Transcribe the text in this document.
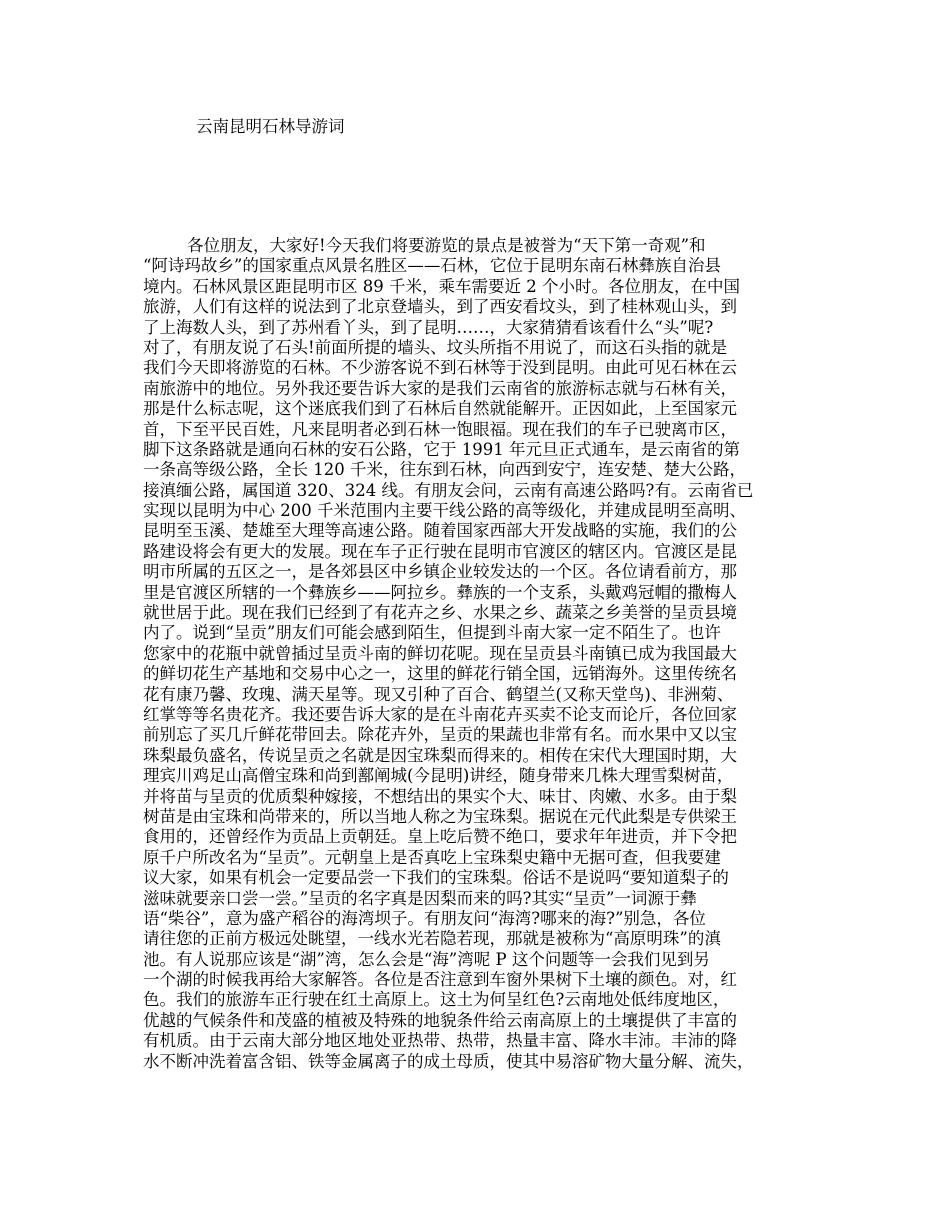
云南昆明石林导游词
各位朋友，大家好!今天我们将要游览的景点是被誉为“天下第一奇观”和
“阿诗玛故乡”的国家重点风景名胜区——石林，它位于昆明东南石林彝族自治县
境内。石林风景区距昆明市区 89 千米，乘车需要近 2 个小时。各位朋友，在中国
旅游，人们有这样的说法到了北京登墙头，到了西安看坟头，到了桂林观山头，到
了上海数人头，到了苏州看丫头，到了昆明……，大家猜猜看该看什么“头”呢?
对了，有朋友说了石头!前面所提的墙头、坟头所指不用说了，而这石头指的就是
我们今天即将游览的石林。不少游客说不到石林等于没到昆明。由此可见石林在云
南旅游中的地位。另外我还要告诉大家的是我们云南省的旅游标志就与石林有关，
那是什么标志呢，这个迷底我们到了石林后自然就能解开。正因如此，上至国家元
首，下至平民百姓，凡来昆明者必到石林一饱眼福。现在我们的车子已驶离市区，
脚下这条路就是通向石林的安石公路，它于 1991 年元旦正式通车，是云南省的第
一条高等级公路，全长 120 千米，往东到石林，向西到安宁，连安楚、楚大公路，
接滇缅公路，属国道 320、324 线。有朋友会问，云南有高速公路吗?有。云南省已
实现以昆明为中心 200 千米范围内主要干线公路的高等级化，并建成昆明至高明、
昆明至玉溪、楚雄至大理等高速公路。随着国家西部大开发战略的实施，我们的公
路建设将会有更大的发展。现在车子正行驶在昆明市官渡区的辖区内。官渡区是昆
明市所属的五区之一，是各郊县区中乡镇企业较发达的一个区。各位请看前方，那
里是官渡区所辖的一个彝族乡——阿拉乡。彝族的一个支系，头戴鸡冠帽的撒梅人
就世居于此。现在我们已经到了有花卉之乡、水果之乡、蔬菜之乡美誉的呈贡县境
内了。说到“呈贡”朋友们可能会感到陌生，但提到斗南大家一定不陌生了。也许
您家中的花瓶中就曾插过呈贡斗南的鲜切花呢。现在呈贡县斗南镇已成为我国最大
的鲜切花生产基地和交易中心之一，这里的鲜花行销全国，远销海外。这里传统名
花有康乃馨、玫瑰、满天星等。现又引种了百合、鹤望兰(又称天堂鸟)、非洲菊、
红掌等等名贵花齐。我还要告诉大家的是在斗南花卉买卖不论支而论斤，各位回家
前别忘了买几斤鲜花带回去。除花卉外，呈贡的果蔬也非常有名。而水果中又以宝
珠梨最负盛名，传说呈贡之名就是因宝珠梨而得来的。相传在宋代大理国时期，大
理宾川鸡足山高僧宝珠和尚到鄯阐城(今昆明)讲经，随身带来几株大理雪梨树苗，
并将苗与呈贡的优质梨种嫁接，不想结出的果实个大、味甘、肉嫩、水多。由于梨
树苗是由宝珠和尚带来的，所以当地人称之为宝珠梨。据说在元代此梨是专供梁王
食用的，还曾经作为贡品上贡朝廷。皇上吃后赞不绝口，要求年年进贡，并下令把
原千户所改名为“呈贡”。元朝皇上是否真吃上宝珠梨史籍中无据可查，但我要建
议大家，如果有机会一定要品尝一下我们的宝珠梨。俗话不是说吗“要知道梨子的
滋味就要亲口尝一尝。”呈贡的名字真是因梨而来的吗?其实“呈贡”一词源于彝
语“柴谷”，意为盛产稻谷的海湾坝子。有朋友问“海湾?哪来的海?”别急，各位
请往您的正前方极远处眺望，一线水光若隐若现，那就是被称为“高原明珠”的滇
池。有人说那应该是“湖”湾，怎么会是“海”湾呢 P 这个问题等一会我们见到另
一个湖的时候我再给大家解答。各位是否注意到车窗外果树下土壤的颜色。对，红
色。我们的旅游车正行驶在红土高原上。这土为何呈红色?云南地处低纬度地区，
优越的气候条件和茂盛的植被及特殊的地貌条件给云南高原上的土壤提供了丰富的
有机质。由于云南大部分地区地处亚热带、热带，热量丰富、降水丰沛。丰沛的降
水不断冲洗着富含铝、铁等金属离子的成土母质，使其中易溶矿物大量分解、流失，
